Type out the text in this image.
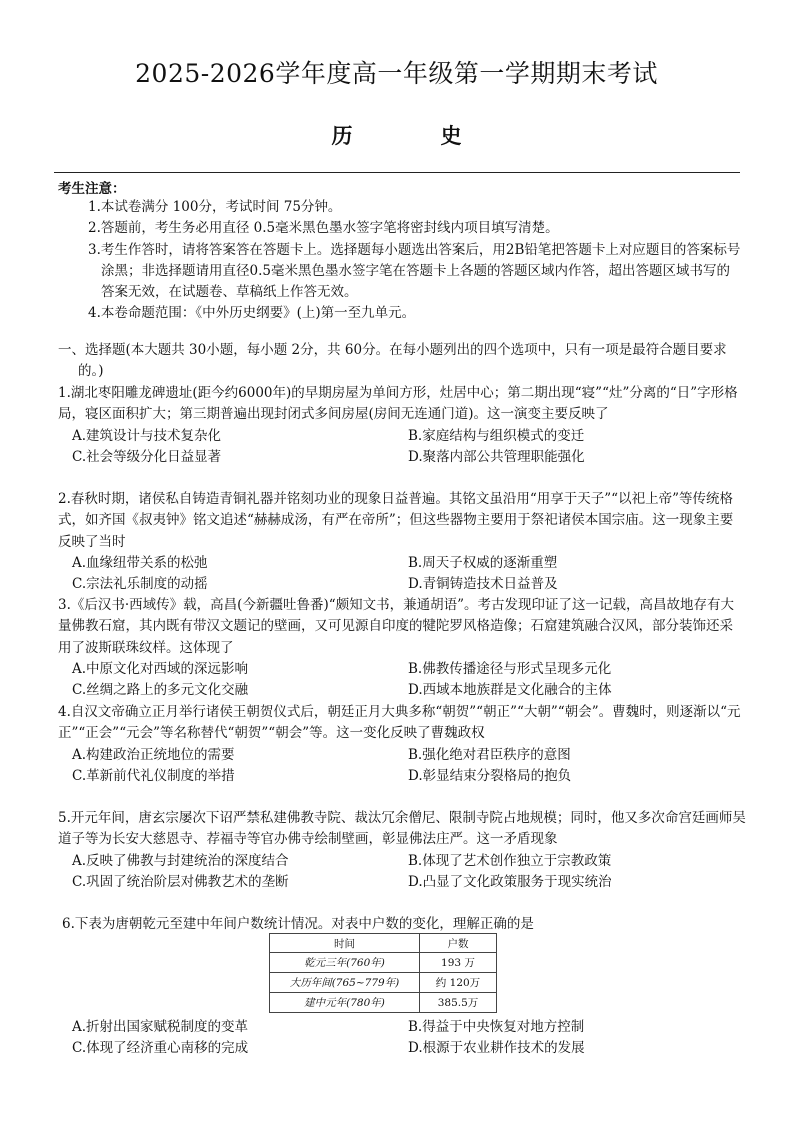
2025-2026学年度高一年级第一学期期末考试
历	史
考生注意：
1.本试卷满分 100分，考试时间 75分钟。
2.答题前，考生务必用直径 0.5毫米黑色墨水签字笔将密封线内项目填写清楚。
3.考生作答时，请将答案答在答题卡上。选择题每小题选出答案后，用2B铅笔把答题卡上对应题目的答案标号涂黑；非选择题请用直径0.5毫米黑色墨水签字笔在答题卡上各题的答题区域内作答，超出答题区域书写的答案无效，在试题卷、草稿纸上作答无效。
4.本卷命题范围：《中外历史纲要》(上)第一至九单元。
一、选择题(本大题共 30小题，每小题 2分，共 60分。在每小题列出的四个选项中，只有一项是最符合题目要求的。)
1.湖北枣阳雕龙碑遗址(距今约6000年)的早期房屋为单间方形，灶居中心；第二期出现“寝”“灶”分离的“日”字形格局，寝区面积扩大；第三期普遍出现封闭式多间房屋(房间无连通门道)。这一演变主要反映了
A.建筑设计与技术复杂化	B.家庭结构与组织模式的变迁
C.社会等级分化日益显著	D.聚落内部公共管理职能强化
2.春秋时期，诸侯私自铸造青铜礼器并铭刻功业的现象日益普遍。其铭文虽沿用“用享于天子”“以祀上帝”等传统格式，如齐国《叔夷钟》铭文追述“赫赫成汤，有严在帝所”；但这些器物主要用于祭祀诸侯本国宗庙。这一现象主要反映了当时
A.血缘纽带关系的松弛	B.周天子权威的逐渐重塑
C.宗法礼乐制度的动摇	D.青铜铸造技术日益普及
3.《后汉书·西域传》载，高昌(今新疆吐鲁番)“颇知文书，兼通胡语”。考古发现印证了这一记载，高昌故地存有大量佛教石窟，其内既有带汉文题记的壁画，又可见源自印度的犍陀罗风格造像；石窟建筑融合汉风，部分装饰还采用了波斯联珠纹样。这体现了
A.中原文化对西域的深远影响	B.佛教传播途径与形式呈现多元化
C.丝绸之路上的多元文化交融	D.西域本地族群是文化融合的主体
4.自汉文帝确立正月举行诸侯王朝贺仪式后，朝廷正月大典多称“朝贺”“朝正”“大朝”“朝会”。曹魏时，则逐渐以“元正”“正会”“元会”等名称替代“朝贺”“朝会”等。这一变化反映了曹魏政权
A.构建政治正统地位的需要	B.强化绝对君臣秩序的意图
C.革新前代礼仪制度的举措	D.彰显结束分裂格局的抱负
5.开元年间，唐玄宗屡次下诏严禁私建佛教寺院、裁汰冗余僧尼、限制寺院占地规模；同时，他又多次命宫廷画师吴道子等为长安大慈恩寺、荐福寺等官办佛寺绘制壁画，彰显佛法庄严。这一矛盾现象
A.反映了佛教与封建统治的深度结合	B.体现了艺术创作独立于宗教政策
C.巩固了统治阶层对佛教艺术的垄断	D.凸显了文化政策服务于现实统治
6.下表为唐朝乾元至建中年间户数统计情况。对表中户数的变化，理解正确的是
时间	户数
乾元三年(760年)	193 万
大历年间(765~779年)	约 120万
建中元年(780年)	385.5万
A.折射出国家赋税制度的变革	B.得益于中央恢复对地方控制
C.体现了经济重心南移的完成	D.根源于农业耕作技术的发展
